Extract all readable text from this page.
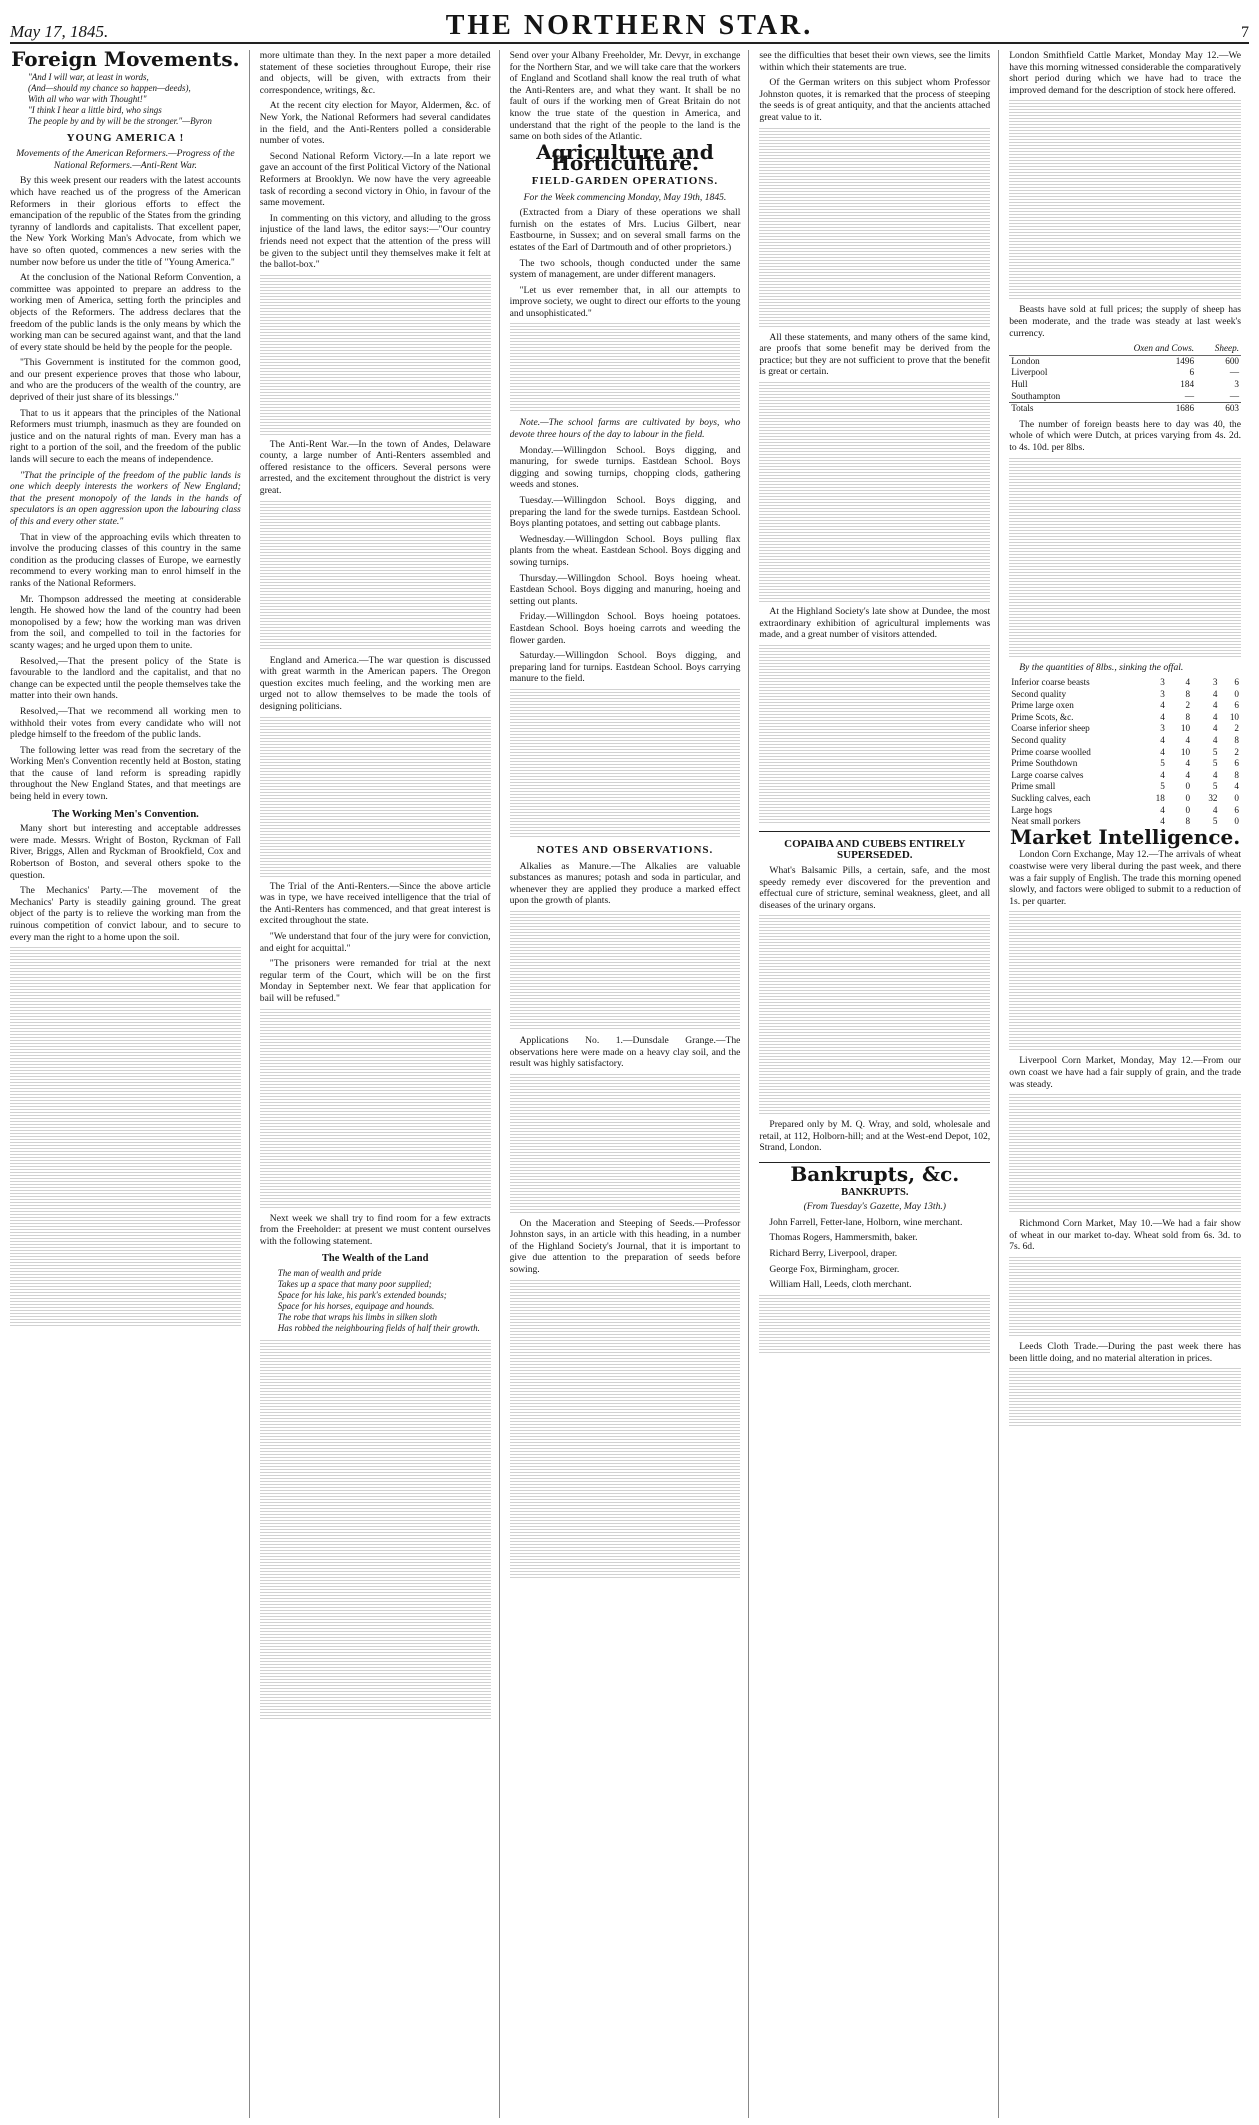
May 17, 1845.	THE NORTHERN STAR.	7
Foreign Movements.
"And I will war, at least in words,
(And—should my chance so happen—deeds),
With all who war with Thought!"
"I think I hear a little bird, who sings
The people by and by will be the stronger."—Byron
YOUNG AMERICA !

Movements of the American Reformers.—Progress of the National Reformers.—Anti-Rent War.

By this week present our readers with the latest accounts which have reached us of the progress of the American Reformers in their glorious efforts to effect the emancipation of the republic of the States from the grinding tyranny of landlords and capitalists. That excellent paper, the New York Working Man's Advocate, from which we have so often quoted, commences a new series with the number now before us under the title of "Young America."

At the conclusion of the National Reform Convention, a committee was appointed to prepare an address to the working men of America, setting forth the principles and objects of the Reformers. The address declares that the freedom of the public lands is the only means by which the working man can be secured against want, and that the land of every state should be held by the people for the people.

"This Government is instituted for the common good, and our present experience proves that those who labour, and who are the producers of the wealth of the country, are deprived of their just share of its blessings."

That to us it appears that the principles of the National Reformers must triumph, inasmuch as they are founded on justice and on the natural rights of man. Every man has a right to a portion of the soil, and the freedom of the public lands will secure to each the means of independence.

"That the principle of the freedom of the public lands is one which deeply interests the workers of New England; that the present monopoly of the lands in the hands of speculators is an open aggression upon the labouring class of this and every other state."

That in view of the approaching evils which threaten to involve the producing classes of this country in the same condition as the producing classes of Europe, we earnestly recommend to every working man to enrol himself in the ranks of the National Reformers.

Mr. Thompson addressed the meeting at considerable length. He showed how the land of the country had been monopolised by a few; how the working man was driven from the soil, and compelled to toil in the factories for scanty wages; and he urged upon them to unite.

Resolved,—That the present policy of the State is favourable to the landlord and the capitalist, and that no change can be expected until the people themselves take the matter into their own hands.

Resolved,—That we recommend all working men to withhold their votes from every candidate who will not pledge himself to the freedom of the public lands.

The following letter was read from the secretary of the Working Men's Convention recently held at Boston, stating that the cause of land reform is spreading rapidly throughout the New England States, and that meetings are being held in every town.

The Working Men's Convention.

Many short but interesting and acceptable addresses were made. Messrs. Wright of Boston, Ryckman of Fall River, Briggs, Allen and Ryckman of Brookfield, Cox and Robertson of Boston, and several others spoke to the question.

The Mechanics' Party.—The movement of the Mechanics' Party is steadily gaining ground. The great object of the party is to relieve the working man from the ruinous competition of convict labour, and to secure to every man the right to a home upon the soil.

more ultimate than they. In the next paper a more detailed statement of these societies throughout Europe, their rise and objects, will be given, with extracts from their correspondence, writings, &c.

At the recent city election for Mayor, Aldermen, &c. of New York, the National Reformers had several candidates in the field, and the Anti-Renters polled a considerable number of votes.

Second National Reform Victory.—In a late report we gave an account of the first Political Victory of the National Reformers at Brooklyn. We now have the very agreeable task of recording a second victory in Ohio, in favour of the same movement.

In commenting on this victory, and alluding to the gross injustice of the land laws, the editor says:—"Our country friends need not expect that the attention of the press will be given to the subject until they themselves make it felt at the ballot-box."

The Anti-Rent War.—In the town of Andes, Delaware county, a large number of Anti-Renters assembled and offered resistance to the officers. Several persons were arrested, and the excitement throughout the district is very great.

England and America.—The war question is discussed with great warmth in the American papers. The Oregon question excites much feeling, and the working men are urged not to allow themselves to be made the tools of designing politicians.

The Trial of the Anti-Renters.—Since the above article was in type, we have received intelligence that the trial of the Anti-Renters has commenced, and that great interest is excited throughout the state.

"We understand that four of the jury were for conviction, and eight for acquittal."

"The prisoners were remanded for trial at the next regular term of the Court, which will be on the first Monday in September next. We fear that application for bail will be refused."

Next week we shall try to find room for a few extracts from the Freeholder: at present we must content ourselves with the following statement.

The Wealth of the Land
The man of wealth and pride
Takes up a space that many poor supplied;
Space for his lake, his park's extended bounds;
Space for his horses, equipage and hounds.
The robe that wraps his limbs in silken sloth
Has robbed the neighbouring fields of half their growth.

Send over your Albany Freeholder, Mr. Devyr, in exchange for the Northern Star, and we will take care that the workers of England and Scotland shall know the real truth of what the Anti-Renters are, and what they want. It shall be no fault of ours if the working men of Great Britain do not know the true state of the question in America, and understand that the right of the people to the land is the same on both sides of the Atlantic.

Agriculture and Horticulture.
FIELD-GARDEN OPERATIONS.

For the Week commencing Monday, May 19th, 1845.

(Extracted from a Diary of these operations we shall furnish on the estates of Mrs. Lucius Gilbert, near Eastbourne, in Sussex; and on several small farms on the estates of the Earl of Dartmouth and of other proprietors.)

The two schools, though conducted under the same system of management, are under different managers.

"Let us ever remember that, in all our attempts to improve society, we ought to direct our efforts to the young and unsophisticated."

Note.—The school farms are cultivated by boys, who devote three hours of the day to labour in the field.

Monday.—Willingdon School. Boys digging, and manuring, for swede turnips. Eastdean School. Boys digging and sowing turnips, chopping clods, gathering weeds and stones.

Tuesday.—Willingdon School. Boys digging, and preparing the land for the swede turnips. Eastdean School. Boys planting potatoes, and setting out cabbage plants.

Wednesday.—Willingdon School. Boys pulling flax plants from the wheat. Eastdean School. Boys digging and sowing turnips.

Thursday.—Willingdon School. Boys hoeing wheat. Eastdean School. Boys digging and manuring, hoeing and setting out plants.

Friday.—Willingdon School. Boys hoeing potatoes. Eastdean School. Boys hoeing carrots and weeding the flower garden.

Saturday.—Willingdon School. Boys digging, and preparing land for turnips. Eastdean School. Boys carrying manure to the field.

NOTES AND OBSERVATIONS.

Alkalies as Manure.—The Alkalies are valuable substances as manures; potash and soda in particular, and whenever they are applied they produce a marked effect upon the growth of plants.

Applications No. 1.—Dunsdale Grange.—The observations here were made on a heavy clay soil, and the result was highly satisfactory.

On the Maceration and Steeping of Seeds.—Professor Johnston says, in an article with this heading, in a number of the Highland Society's Journal, that it is important to give due attention to the preparation of seeds before sowing.

see the difficulties that beset their own views, see the limits within which their statements are true.

Of the German writers on this subject whom Professor Johnston quotes, it is remarked that the process of steeping the seeds is of great antiquity, and that the ancients attached great value to it.

All these statements, and many others of the same kind, are proofs that some benefit may be derived from the practice; but they are not sufficient to prove that the benefit is great or certain.

At the Highland Society's late show at Dundee, the most extraordinary exhibition of agricultural implements was made, and a great number of visitors attended.

COPAIBA AND CUBEBS ENTIRELY SUPERSEDED.

What's Balsamic Pills, a certain, safe, and the most speedy remedy ever discovered for the prevention and effectual cure of stricture, seminal weakness, gleet, and all diseases of the urinary organs.

Prepared only by M. Q. Wray, and sold, wholesale and retail, at 112, Holborn-hill; and at the West-end Depot, 102, Strand, London.

Bankrupts, &c.
BANKRUPTS.

(From Tuesday's Gazette, May 13th.)

John Farrell, Fetter-lane, Holborn, wine merchant.

Thomas Rogers, Hammersmith, baker.

Richard Berry, Liverpool, draper.

George Fox, Birmingham, grocer.

William Hall, Leeds, cloth merchant.

London Smithfield Cattle Market, Monday May 12.—We have this morning witnessed considerable the comparatively short period during which we have had to trace the improved demand for the description of stock here offered.

Beasts have sold at full prices; the supply of sheep has been moderate, and the trade was steady at last week's currency.

	Oxen and Cows.	Sheep.
London	1496	600
Liverpool	6	—
Hull	184	3
Southampton	—	—
Totals	1686	603

The number of foreign beasts here to day was 40, the whole of which were Dutch, at prices varying from 4s. 2d. to 4s. 10d. per 8lbs.

By the quantities of 8lbs., sinking the offal.

Inferior coarse beasts	3	4	3	6
Second quality	3	8	4	0
Prime large oxen	4	2	4	6
Prime Scots, &c.	4	8	4	10
Coarse inferior sheep	3	10	4	2
Second quality	4	4	4	8
Prime coarse woolled	4	10	5	2
Prime Southdown	5	4	5	6
Large coarse calves	4	4	4	8
Prime small	5	0	5	4
Suckling calves, each	18	0	32	0
Large hogs	4	0	4	6
Neat small porkers	4	8	5	0
Market Intelligence.

London Corn Exchange, May 12.—The arrivals of wheat coastwise were very liberal during the past week, and there was a fair supply of English. The trade this morning opened slowly, and factors were obliged to submit to a reduction of 1s. per quarter.

Liverpool Corn Market, Monday, May 12.—From our own coast we have had a fair supply of grain, and the trade was steady.

Richmond Corn Market, May 10.—We had a fair show of wheat in our market to-day. Wheat sold from 6s. 3d. to 7s. 6d.

Leeds Cloth Trade.—During the past week there has been little doing, and no material alteration in prices.
